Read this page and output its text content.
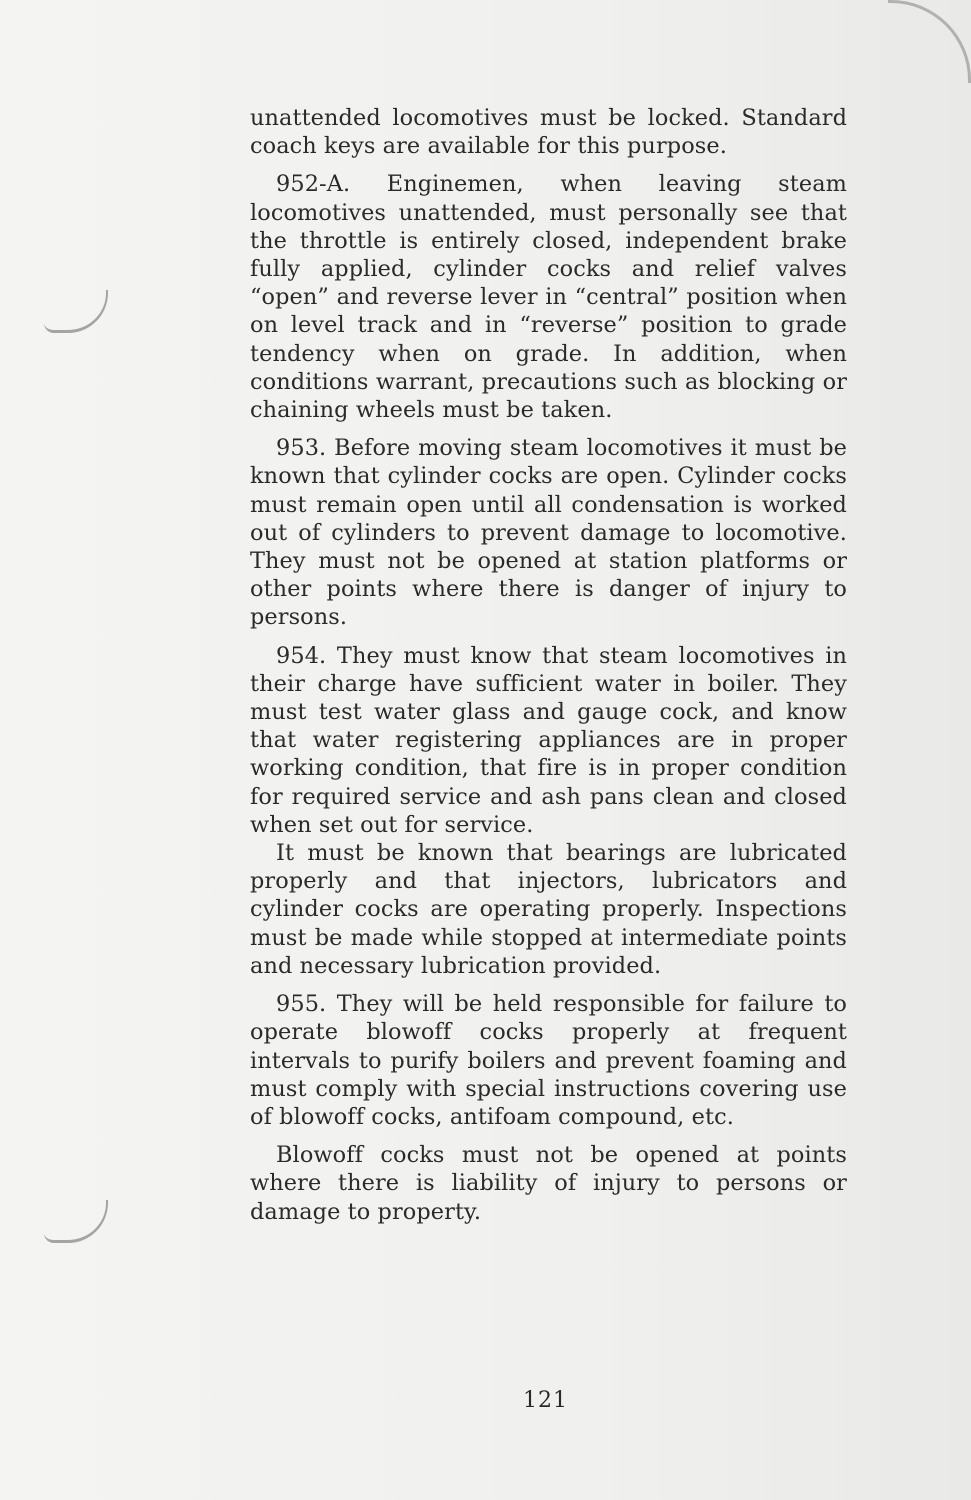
unattended locomotives must be locked. Standard coach keys are available for this purpose.

952-A. Enginemen, when leaving steam locomotives unattended, must personally see that the throttle is entirely closed, independent brake fully applied, cylinder cocks and relief valves “open” and reverse lever in “central” position when on level track and in “reverse” position to grade tendency when on grade. In addition, when conditions warrant, precautions such as blocking or chaining wheels must be taken.

953. Before moving steam locomotives it must be known that cylinder cocks are open. Cylinder cocks must remain open until all condensation is worked out of cylinders to prevent damage to locomotive. They must not be opened at station platforms or other points where there is danger of injury to persons.

954. They must know that steam locomotives in their charge have sufficient water in boiler. They must test water glass and gauge cock, and know that water registering appliances are in proper working condition, that fire is in proper condition for required service and ash pans clean and closed when set out for service.

It must be known that bearings are lubricated properly and that injectors, lubricators and cylinder cocks are operating properly. Inspections must be made while stopped at intermediate points and necessary lubrication provided.

955. They will be held responsible for failure to operate blowoff cocks properly at frequent intervals to purify boilers and prevent foaming and must comply with special instructions covering use of blowoff cocks, antifoam compound, etc.

Blowoff cocks must not be opened at points where there is liability of injury to persons or damage to property.

121
